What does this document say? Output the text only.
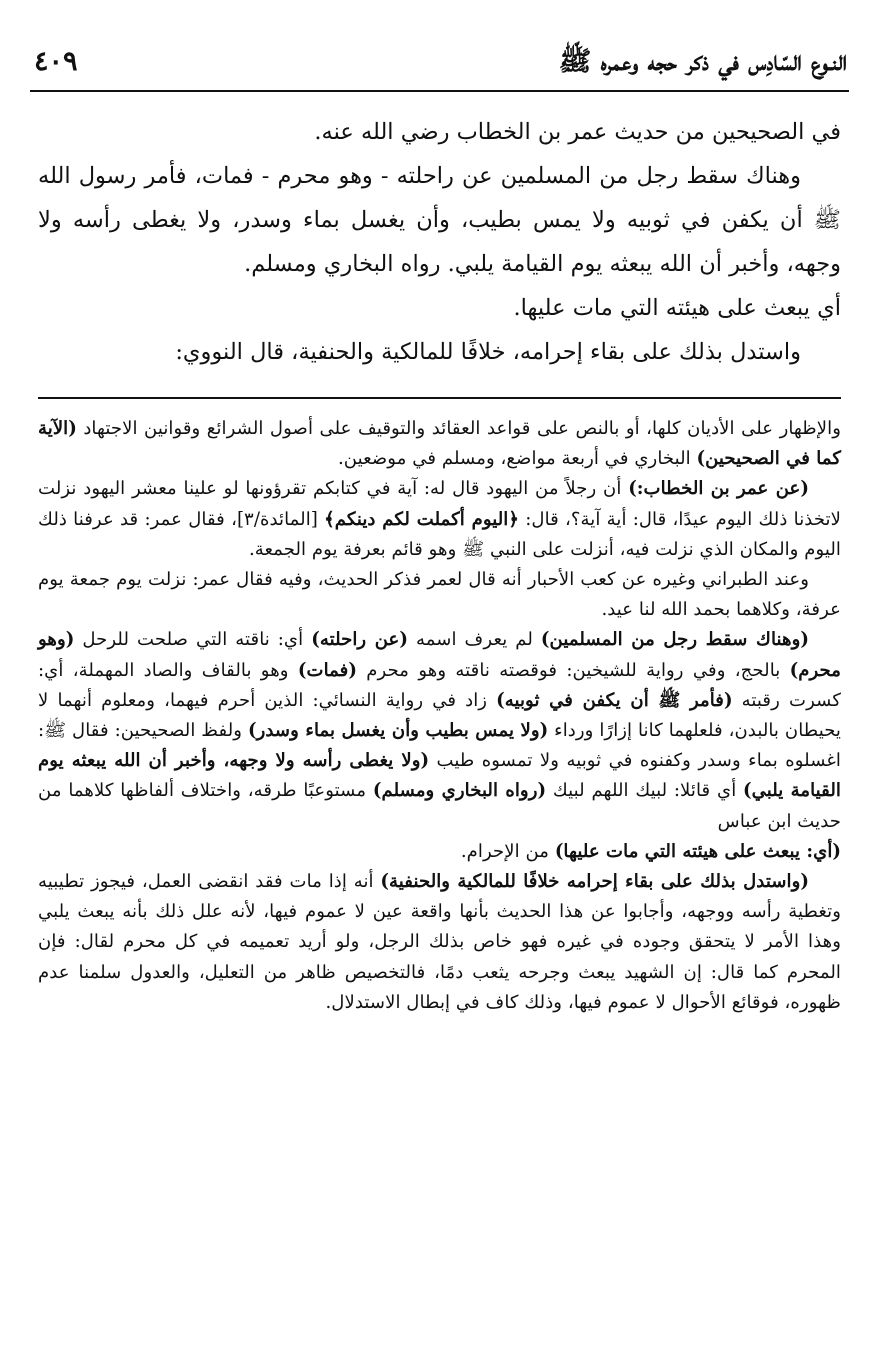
النـوع السّادِس في ذكر حجه وعمره ﷺ
٤٠٩

في الصحيحين من حديث عمر بن الخطاب رضي الله عنه.

وهناك سقط رجل من المسلمين عن راحلته - وهو محرم - فمات، فأمر رسول الله ﷺ أن يكفن في ثوبيه ولا يمس بطيب، وأن يغسل بماء وسدر، ولا يغطى رأسه ولا وجهه، وأخبر أن الله يبعثه يوم القيامة يلبي. رواه البخاري ومسلم.

أي يبعث على هيئته التي مات عليها.

واستدل بذلك على بقاء إحرامه، خلافًا للمالكية والحنفية، قال النووي:

والإظهار على الأديان كلها، أو بالنص على قواعد العقائد والتوقيف على أصول الشرائع وقوانين الاجتهاد (الآية كما في الصحيحين) البخاري في أربعة مواضع، ومسلم في موضعين.

(عن عمر بن الخطاب:) أن رجلاً من اليهود قال له: آية في كتابكم تقرؤونها لو علينا معشر اليهود نزلت لاتخذنا ذلك اليوم عيدًا، قال: أية آية؟، قال: ﴿اليوم أكملت لكم دينكم﴾ [المائدة/٣]، فقال عمر: قد عرفنا ذلك اليوم والمكان الذي نزلت فيه، أنزلت على النبي ﷺ وهو قائم بعرفة يوم الجمعة.

وعند الطبراني وغيره عن كعب الأحبار أنه قال لعمر فذكر الحديث، وفيه فقال عمر: نزلت يوم جمعة يوم عرفة، وكلاهما بحمد الله لنا عيد.

(وهناك سقط رجل من المسلمين) لم يعرف اسمه (عن راحلته) أي: ناقته التي صلحت للرحل (وهو محرم) بالحج، وفي رواية للشيخين: فوقصته ناقته وهو محرم (فمات) وهو بالقاف والصاد المهملة، أي: كسرت رقبته (فأمر ﷺ أن يكفن في ثوبيه) زاد في رواية النسائي: الذين أحرم فيهما، ومعلوم أنهما لا يحيطان بالبدن، فلعلهما كانا إزارًا ورداء (ولا يمس بطيب وأن يغسل بماء وسدر) ولفظ الصحيحين: فقال ﷺ: اغسلوه بماء وسدر وكفنوه في ثوبيه ولا تمسوه طيب (ولا يغطى رأسه ولا وجهه، وأخبر أن الله يبعثه يوم القيامة يلبي) أي قائلا: لبيك اللهم لبيك (رواه البخاري ومسلم) مستوعبًا طرقه، واختلاف ألفاظها كلاهما من حديث ابن عباس

(أي: يبعث على هيئته التي مات عليها) من الإحرام.

(واستدل بذلك على بقاء إحرامه خلافًا للمالكية والحنفية) أنه إذا مات فقد انقضى العمل، فيجوز تطيبيه وتغطية رأسه ووجهه، وأجابوا عن هذا الحديث بأنها واقعة عين لا عموم فيها، لأنه علل ذلك بأنه يبعث يلبي وهذا الأمر لا يتحقق وجوده في غيره فهو خاص بذلك الرجل، ولو أريد تعميمه في كل محرم لقال: فإن المحرم كما قال: إن الشهيد يبعث وجرحه يثعب دمًا، فالتخصيص ظاهر من التعليل، والعدول سلمنا عدم ظهوره، فوقائع الأحوال لا عموم فيها، وذلك كاف في إبطال الاستدلال.
